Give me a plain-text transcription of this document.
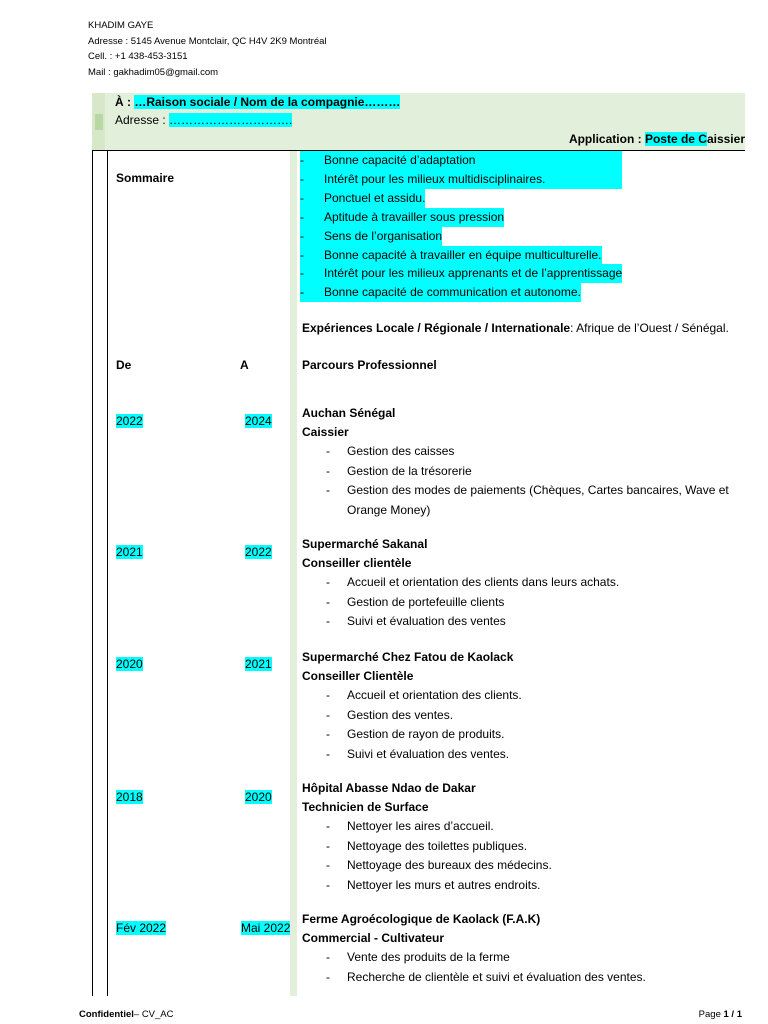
KHADIM GAYE
Adresse : 5145 Avenue Montclair, QC H4V 2K9 Montréal
Cell. : +1 438-453-3151
Mail : gakhadim05@gmail.com
À : …Raison sociale / Nom de la compagnie………
Adresse : ………………………….
Application : Poste de Caissier
Sommaire
- Bonne capacité d’adaptation
- Intérêt pour les milieux multidisciplinaires.
- Ponctuel et assidu.
- Aptitude à travailler sous pression
- Sens de l’organisation
- Bonne capacité à travailler en équipe multiculturelle.
- Intérêt pour les milieux apprenants et de l’apprentissage
- Bonne capacité de communication et autonome.
Expériences Locale / Régionale / Internationale: Afrique de l’Ouest / Sénégal.
De	A	Parcours Professionnel
2022	2024
Auchan Sénégal
Caissier
- Gestion des caisses
- Gestion de la trésorerie
- Gestion des modes de paiements (Chèques, Cartes bancaires, Wave et
Orange Money)
2021	2022
Supermarché Sakanal
Conseiller clientèle
- Accueil et orientation des clients dans leurs achats.
- Gestion de portefeuille clients
- Suivi et évaluation des ventes
2020	2021	Supermarché Chez Fatou de Kaolack
Conseiller Clientèle
- Accueil et orientation des clients.
- Gestion des ventes.
- Gestion de rayon de produits.
- Suivi et évaluation des ventes.
2018	2020
Hôpital Abasse Ndao de Dakar
Technicien de Surface
- Nettoyer les aires d’accueil.
- Nettoyage des toilettes publiques.
- Nettoyage des bureaux des médecins.
- Nettoyer les murs et autres endroits.
Fév 2022	Mai 2022
Ferme Agroécologique de Kaolack (F.A.K)
Commercial - Cultivateur
- Vente des produits de la ferme
- Recherche de clientèle et suivi et évaluation des ventes.
Confidentiel– CV_AC	Page 1 / 1
